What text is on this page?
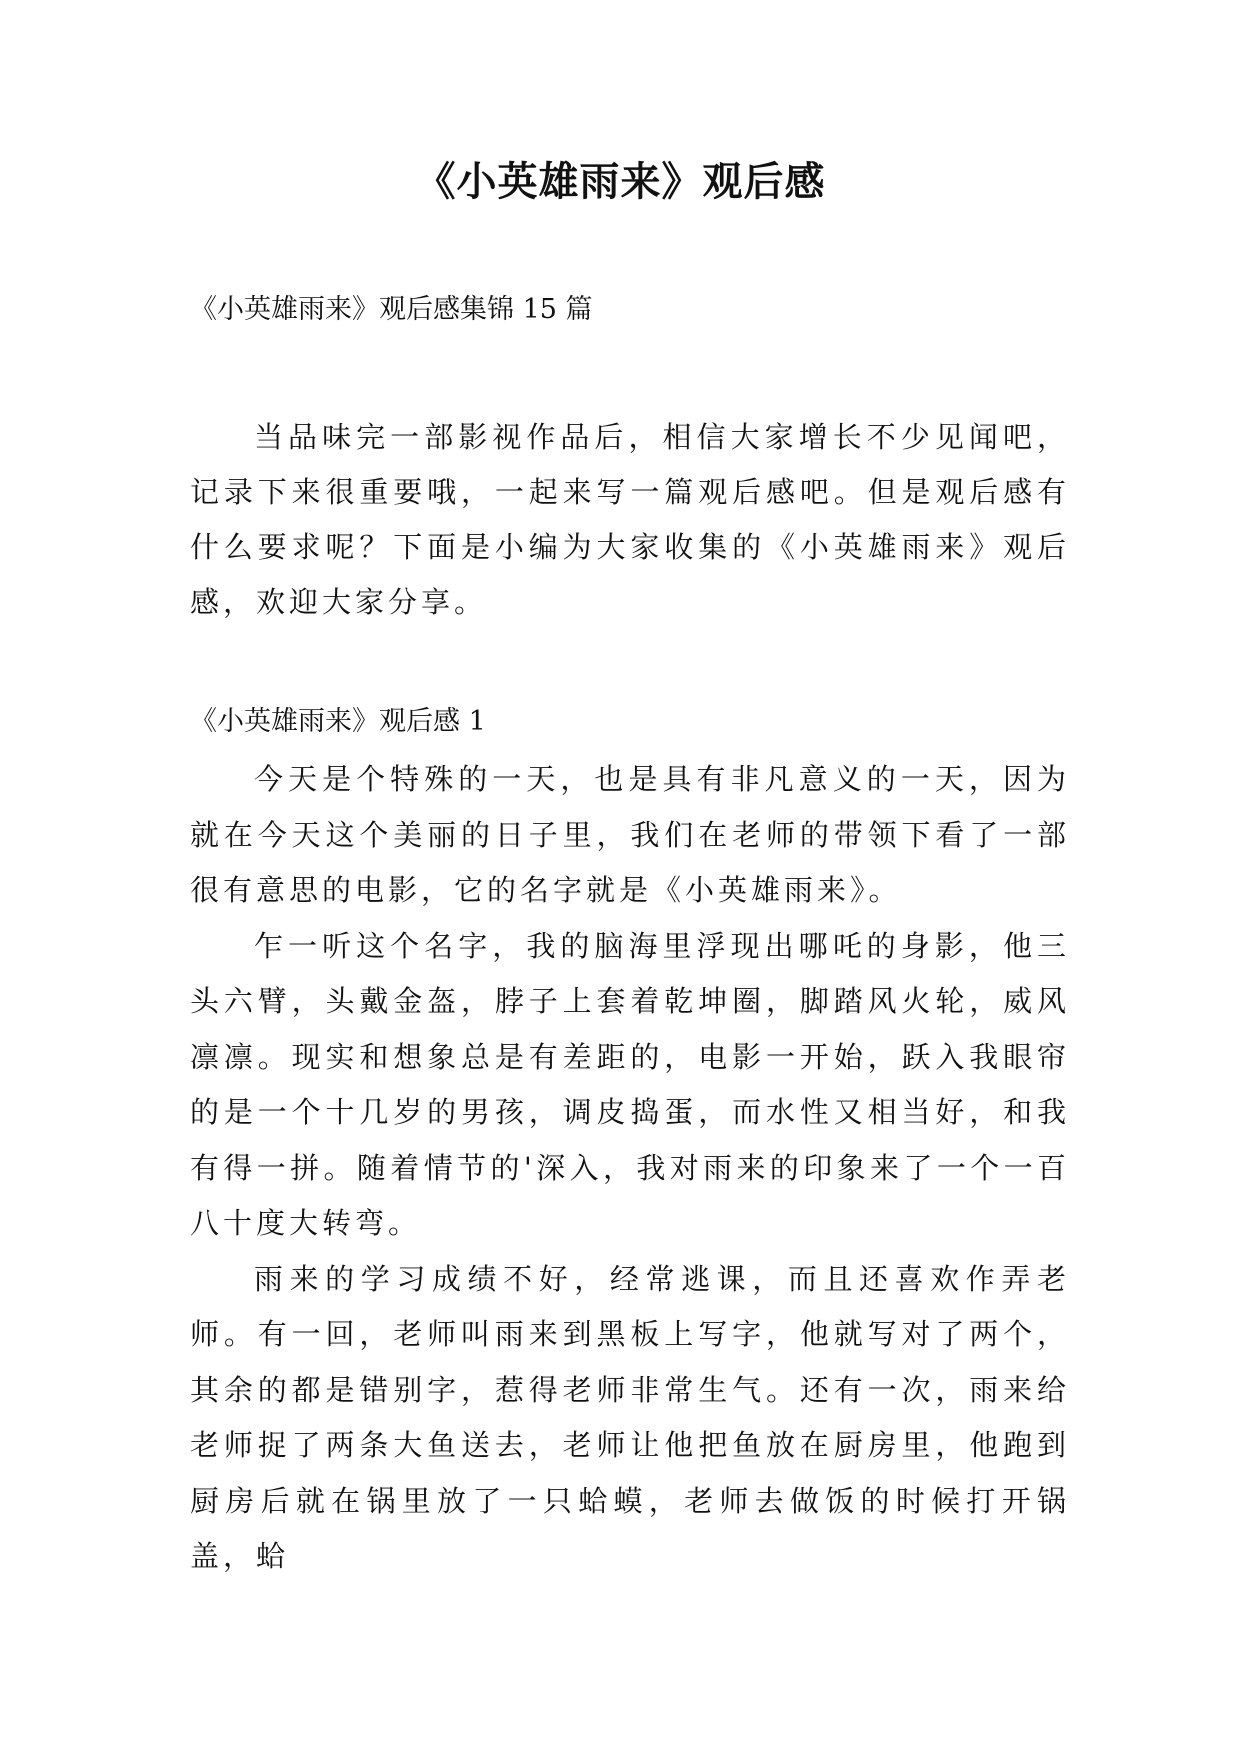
《小英雄雨来》观后感
《小英雄雨来》观后感集锦 15 篇

当品味完一部影视作品后，相信大家增长不少见闻吧，记录下来很重要哦，一起来写一篇观后感吧。但是观后感有什么要求呢？下面是小编为大家收集的《小英雄雨来》观后感，欢迎大家分享。

《小英雄雨来》观后感 1

今天是个特殊的一天，也是具有非凡意义的一天，因为就在今天这个美丽的日子里，我们在老师的带领下看了一部很有意思的电影，它的名字就是《小英雄雨来》。

乍一听这个名字，我的脑海里浮现出哪吒的身影，他三头六臂，头戴金盔，脖子上套着乾坤圈，脚踏风火轮，威风凛凛。现实和想象总是有差距的，电影一开始，跃入我眼帘的是一个十几岁的男孩，调皮捣蛋，而水性又相当好，和我有得一拼。随着情节的'深入，我对雨来的印象来了一个一百八十度大转弯。

雨来的学习成绩不好，经常逃课，而且还喜欢作弄老师。有一回，老师叫雨来到黑板上写字，他就写对了两个，其余的都是错别字，惹得老师非常生气。还有一次，雨来给老师捉了两条大鱼送去，老师让他把鱼放在厨房里，他跑到厨房后就在锅里放了一只蛤蟆，老师去做饭的时候打开锅盖，蛤
